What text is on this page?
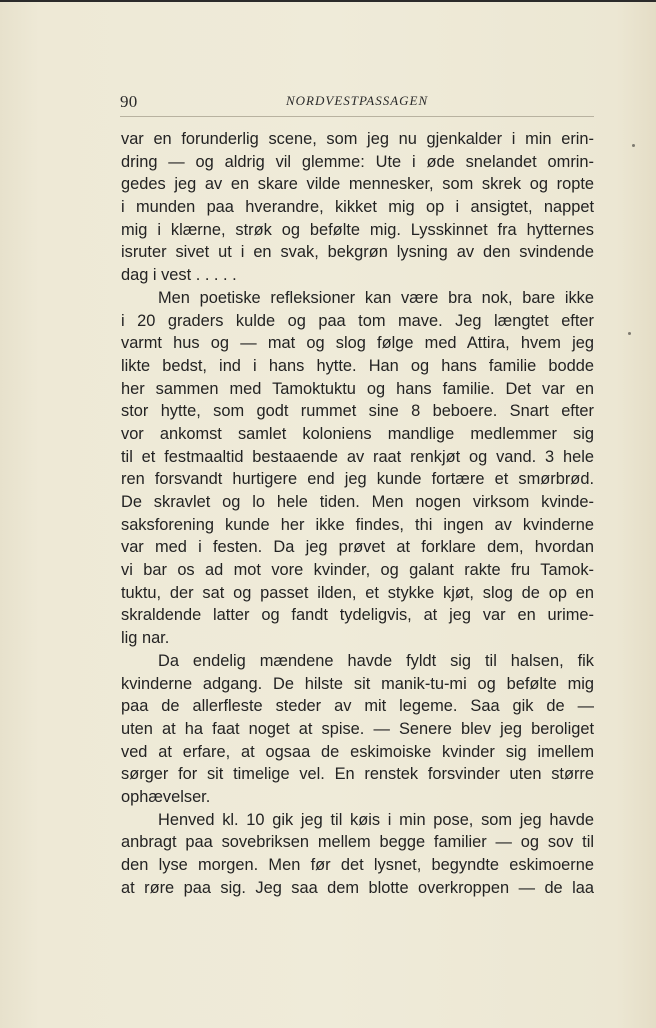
90	NORDVESTPASSAGEN
var en forunderlig scene, som jeg nu gjenkalder i min erin-
dring — og aldrig vil glemme: Ute i øde snelandet omrin-
gedes jeg av en skare vilde mennesker, som skrek og ropte
i munden paa hverandre, kikket mig op i ansigtet, nappet
mig i klærne, strøk og befølte mig. Lysskinnet fra hytternes
isruter sivet ut i en svak, bekgrøn lysning av den svindende
dag i vest . . . . .
Men poetiske refleksioner kan være bra nok, bare ikke
i 20 graders kulde og paa tom mave. Jeg længtet efter
varmt hus og — mat og slog følge med Attira, hvem jeg
likte bedst, ind i hans hytte. Han og hans familie bodde
her sammen med Tamoktuktu og hans familie. Det var en
stor hytte, som godt rummet sine 8 beboere. Snart efter
vor ankomst samlet koloniens mandlige medlemmer sig
til et festmaaltid bestaaende av raat renkjøt og vand. 3 hele
ren forsvandt hurtigere end jeg kunde fortære et smørbrød.
De skravlet og lo hele tiden. Men nogen virksom kvinde-
saksforening kunde her ikke findes, thi ingen av kvinderne
var med i festen. Da jeg prøvet at forklare dem, hvordan
vi bar os ad mot vore kvinder, og galant rakte fru Tamok-
tuktu, der sat og passet ilden, et stykke kjøt, slog de op en
skraldende latter og fandt tydeligvis, at jeg var en urime-
lig nar.
Da endelig mændene havde fyldt sig til halsen, fik
kvinderne adgang. De hilste sit manik-tu-mi og befølte mig
paa de allerfleste steder av mit legeme. Saa gik de —
uten at ha faat noget at spise. — Senere blev jeg beroliget
ved at erfare, at ogsaa de eskimoiske kvinder sig imellem
sørger for sit timelige vel. En renstek forsvinder uten større
ophævelser.
Henved kl. 10 gik jeg til køis i min pose, som jeg havde
anbragt paa sovebriksen mellem begge familier — og sov til
den lyse morgen. Men før det lysnet, begyndte eskimoerne
at røre paa sig. Jeg saa dem blotte overkroppen — de laa
